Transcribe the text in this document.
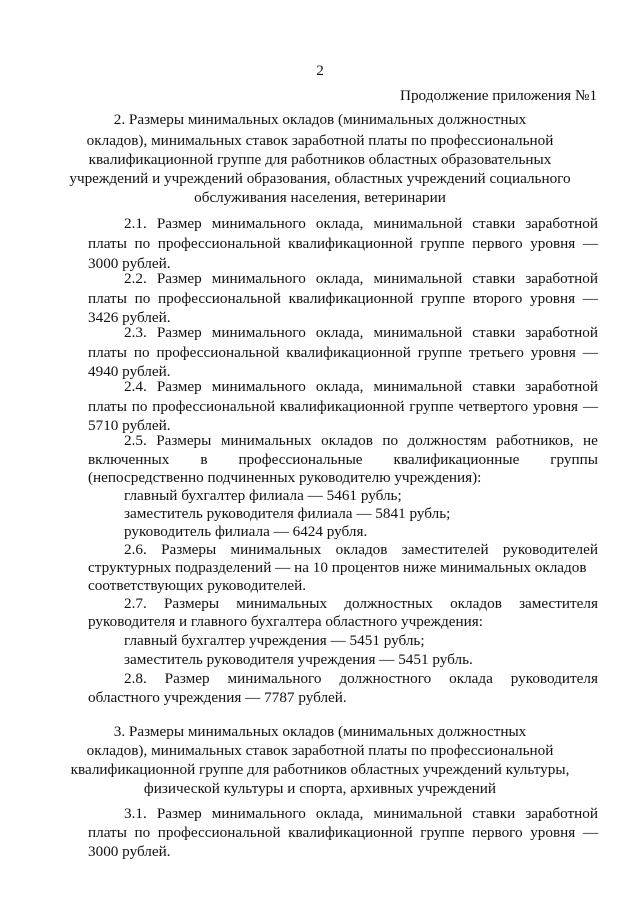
2
Продолжение приложения №1
2. Размеры минимальных окладов (минимальных должностных
окладов), минимальных ставок заработной платы по профессиональной
квалификационной группе для работников областных образовательных
учреждений и учреждений образования, областных учреждений социального
обслуживания населения, ветеринарии
2.1. Размер минимального оклада, минимальной ставки заработной
платы по профессиональной квалификационной группе первого уровня —
3000 рублей.
2.2. Размер минимального оклада, минимальной ставки заработной
платы по профессиональной квалификационной группе второго уровня —
3426 рублей.
2.3. Размер минимального оклада, минимальной ставки заработной
платы по профессиональной квалификационной группе третьего уровня —
4940 рублей.
2.4. Размер минимального оклада, минимальной ставки заработной
платы по профессиональной квалификационной группе четвертого уровня —
5710 рублей.
2.5. Размеры минимальных окладов по должностям работников, не
включенных в профессиональные квалификационные группы
(непосредственно подчиненных руководителю учреждения):
главный бухгалтер филиала — 5461 рубль;
заместитель руководителя филиала — 5841 рубль;
руководитель филиала — 6424 рубля.
2.6. Размеры минимальных окладов заместителей руководителей
структурных подразделений — на 10 процентов ниже минимальных окладов
соответствующих руководителей.
2.7. Размеры минимальных должностных окладов заместителя
руководителя и главного бухгалтера областного учреждения:
главный бухгалтер учреждения — 5451 рубль;
заместитель руководителя учреждения — 5451 рубль.
2.8. Размер минимального должностного оклада руководителя
областного учреждения — 7787 рублей.
3. Размеры минимальных окладов (минимальных должностных
окладов), минимальных ставок заработной платы по профессиональной
квалификационной группе для работников областных учреждений культуры,
физической культуры и спорта, архивных учреждений
3.1. Размер минимального оклада, минимальной ставки заработной
платы по профессиональной квалификационной группе первого уровня —
3000 рублей.
